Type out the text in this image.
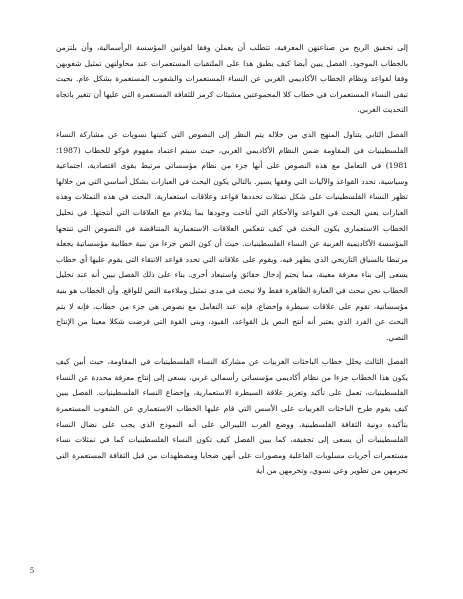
إلى تحقيق الربح من صناعتهن المعرفية، تتطلب أن يعملن وفقا لقوانين المؤسسة الرأسمالية، وأن يلتزمن بالخطاب الموجود. الفصل يبين أيضا كيف يطبق هذا على الملتقيات المستعمرات عند محاولتهن تمثيل شعوبهن وفقا لقواعد ونظام الخطاب الأكاديمي الغربي عن النساء المستعمرات والشعوب المستعمرة بشكل عام. بحيث تبقى النساء المستعمرات في خطاب كلا المجموعتين مشيئات كرمز للثقافة المستعمرة التي عليها أن تتغير باتجاه التحديث الغربي.

الفصل الثاني يتناول المنهج الذي من خلاله يتم النظر إلى النصوص التي كتبتها نسويات عن مشاركة النساء الفلسطينيات في المقاومة ضمن النظام الأكاديمي الغربي، حيث سيتم اعتماد مفهوم فوكو للخطاب (1987؛ 1981) في التعامل مع هذه النصوص على أنها جزء من نظام مؤسساتي مرتبط بقوى اقتصادية، اجتماعية وسياسية، تحدد القواعد والآليات التي وفقها يسير. بالتالي يكون البحث في العبارات بشكل أساسي التي من خلالها تظهر النساء الفلسطينيات على شكل تمثلات تحددها قواعد وعلاقات استعمارية. البحث في هذه التمثلات وهذه العبارات يعني البحث في القواعد والأحكام التي أتاحت وجودها بما يتلاءم مع العلاقات التي أنتجتها. في تحليل الخطاب الاستعماري يكون البحث في كيف تنعكس العلاقات الاستعمارية المتناقضة في النصوص التي تنتجها المؤسسة الأكاديمية الغربية عن النساء الفلسطينيات. حيث أن كون النص جزءا من بنية خطابية مؤسساتية يجعله مرتبطا بالسياق التاريخي الذي يظهر فيه، ويقوم على علاقاته التي تحدد قواعد الانتقاء التي يقوم عليها أي خطاب يسعى إلى بناء معرفة معينة، مما يحتم إدخال حقائق واستبعاد أخرى. بناء على ذلك الفصل يبين أنه عند تحليل الخطاب نحن نبحث في العبارة الظاهرة فقط ولا نبحث في مدى تمثيل وملاءمة النص للواقع. وأن الخطاب هو بنية مؤسساتية، تقوم على علاقات سيطرة وإخضاع، فإنه عند التعامل مع نصوص هي جزء من خطاب، فإنه لا يتم البحث عن الفرد الذي يعتبر أنه أنتج النص بل القواعد، القيود، وبنى القوة التي فرضت شكلا معينا من الإنتاج النصي.

الفصل الثالث يحلل خطاب الباحثات الغربيات عن مشاركة النساء الفلسطينيات في المقاومة، حيث أبين كيف يكون هذا الخطاب جزءا من نظام أكاديمي مؤسساتي رأسمالي غربي، يسعى إلى إنتاج معرفة محددة عن النساء الفلسطينيات، تعمل على تأكيد وتعزيز علاقة السيطرة الاستعمارية، وإخضاع النساء الفلسطينيات. الفصل يبين كيف يقوم طرح الباحثات الغربيات على الأسس التي قام عليها الخطاب الاستعماري عن الشعوب المستعمرة بتأكيده دونية الثقافة الفلسطينية، ووضع الغرب الليبرالي على أنه النموذج الذي يجب على نضال النساء الفلسطينيات أن يسعى إلى تحقيقه، كما يبين الفصل كيف تكون النساء الفلسطينيات كما في تمثلات نساء مستعمرات أخريات مسلوبات الفاعلية ومصورات على أنهن ضحايا ومضطهدات من قبل الثقافة المستعمرة التي تحرمهن من تطوير وعي نسوي، وتحرمهن من أية

5
